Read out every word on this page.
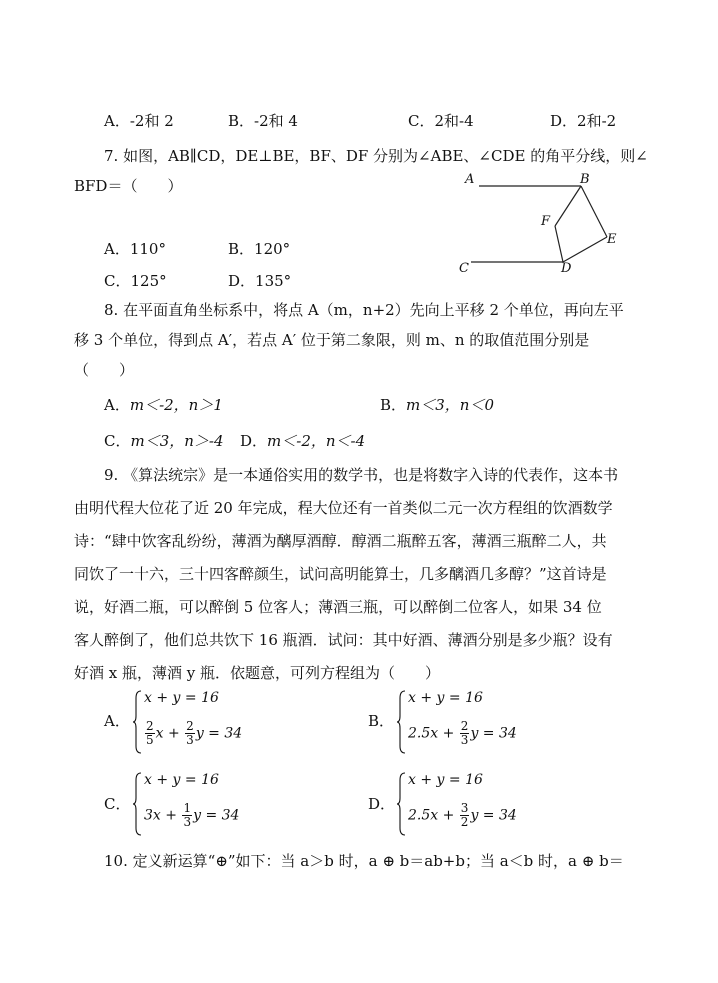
A．-2和 2	B．-2和 4	C．2和-4	D．2和-2
7. 如图，AB∥CD，DE⊥BE，BF、DF 分别为∠ABE、∠CDE 的角平分线，则∠
BFD＝（　　）
A．110°	B．120°
C．125°	D．135°
A	B
F
E
C	D
8. 在平面直角坐标系中，将点 A（m，n+2）先向上平移 2 个单位，再向左平
移 3 个单位，得到点 A′，若点 A′ 位于第二象限，则 m、n 的取值范围分别是
（　　）
A．m＜-2，n＞1	B．m＜3，n＜0
C．m＜3，n＞-4 D．m＜-2，n＜-4
9. 《算法统宗》是一本通俗实用的数学书，也是将数字入诗的代表作，这本书
由明代程大位花了近 20 年完成，程大位还有一首类似二元一次方程组的饮酒数学
诗：“肆中饮客乱纷纷，薄酒为醨厚酒醇．醇酒二瓶醉五客，薄酒三瓶醉二人，共
同饮了一十六，三十四客醉颜生，试问高明能算士，几多醨酒几多醇？”这首诗是
说，好酒二瓶，可以醉倒 5 位客人；薄酒三瓶，可以醉倒二位客人，如果 34 位
客人醉倒了，他们总共饮下 16 瓶酒．试问：其中好酒、薄酒分别是多少瓶？设有
好酒 x 瓶，薄酒 y 瓶．依题意，可列方程组为（　　）
A．
x + y = 16
$\frac{2}{5}$ $x + \frac{2}{3}$ y = 34
B．
x + y = 16
$2.5x + \frac{2}{3}$ y = 34
C．
x + y = 16
$3x + \frac{1}{3}$ y = 34
D．
x + y = 16
$2.5x + \frac{3}{2}$ y = 34
10. 定义新运算“⊕”如下：当 a＞b 时，a ⊕ b＝ab+b；当 a＜b 时，a ⊕ b＝
